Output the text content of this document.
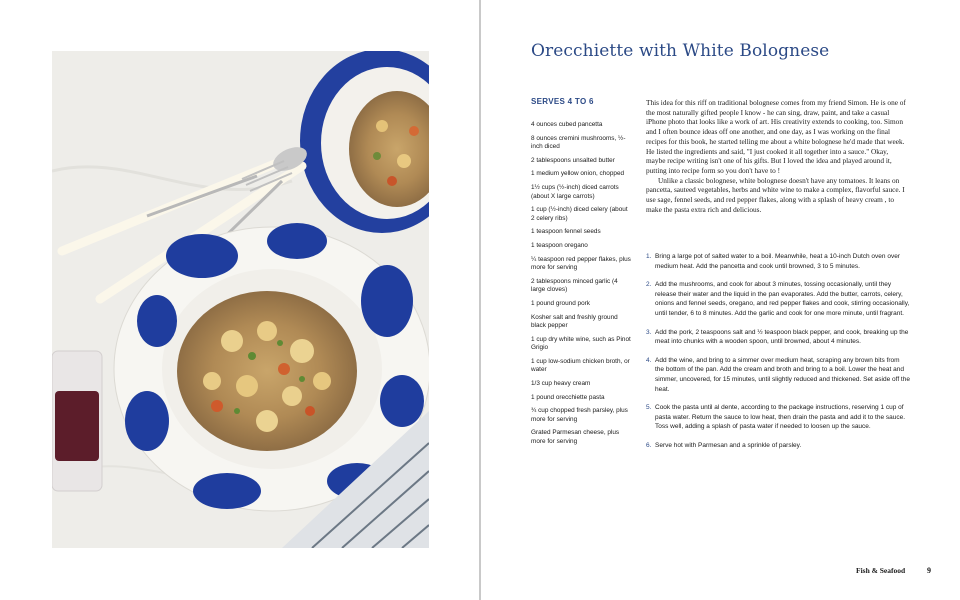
Orecchiette with White Bolognese
SERVES 4 TO 6
4 ounces cubed pancetta
8 ounces cremini mushrooms, ½-inch diced
2 tablespoons unsalted butter
1 medium yellow onion, chopped
1½ cups (½-inch) diced carrots (about X large carrots)
1 cup (½-inch) diced celery (about 2 celery ribs)
1 teaspoon fennel seeds
1 teaspoon oregano
¼ teaspoon red pepper flakes, plus more for serving
2 tablespoons minced garlic (4 large cloves)
1 pound ground pork
Kosher salt and freshly ground black pepper
1 cup dry white wine, such as Pinot Grigio
1 cup low-sodium chicken broth, or water
1/3 cup heavy cream
1 pound orecchiette pasta
¾ cup chopped fresh parsley, plus more for serving
Grated Parmesan cheese, plus more for serving

This idea for this riff on traditional bolognese comes from my friend Simon. He is one of the most naturally gifted people I know - he can sing, draw, paint, and take a casual iPhone photo that looks like a work of art. His creativity extends to cooking, too. Simon and I often bounce ideas off one another, and one day, as I was working on the final recipes for this book, he started telling me about a white bolognese he'd made that week. He listed the ingredients and said, "I just cooked it all together into a sauce." Okay, maybe recipe writing isn't one of his gifts. But I loved the idea and played around it, putting into recipe form so you don't have to !

Unlike a classic bolognese, white bolognese doesn't have any tomatoes. It leans on pancetta, sauteed vegetables, herbs and white wine to make a complex, flavorful sauce. I use sage, fennel seeds, and red pepper flakes, along with a splash of heavy cream , to make the pasta extra rich and delicious.

1. Bring a large pot of salted water to a boil. Meanwhile, heat a 10-inch Dutch oven over medium heat. Add the pancetta and cook until browned, 3 to 5 minutes.
2. Add the mushrooms, and cook for about 3 minutes, tossing occasionally, until they release their water and the liquid in the pan evaporates. Add the butter, carrots, celery, onions and fennel seeds, oregano, and red pepper flakes and cook, stirring occasionally, until tender, 6 to 8 minutes. Add the garlic and cook for one more minute, until fragrant.
3. Add the pork, 2 teaspoons salt and ½ teaspoon black pepper, and cook, breaking up the meat into chunks with a wooden spoon, until browned, about 4 minutes.
4. Add the wine, and bring to a simmer over medium heat, scraping any brown bits from the bottom of the pan. Add the cream and broth and bring to a boil. Lower the heat and simmer, uncovered, for 15 minutes, until slightly reduced and thickened. Set aside off the heat.
5. Cook the pasta until al dente, according to the package instructions, reserving 1 cup of pasta water. Return the sauce to low heat, then drain the pasta and add it to the sauce. Toss well, adding a splash of pasta water if needed to loosen up the sauce.
6. Serve hot with Parmesan and a sprinkle of parsley.
Fish & Seafood	9
